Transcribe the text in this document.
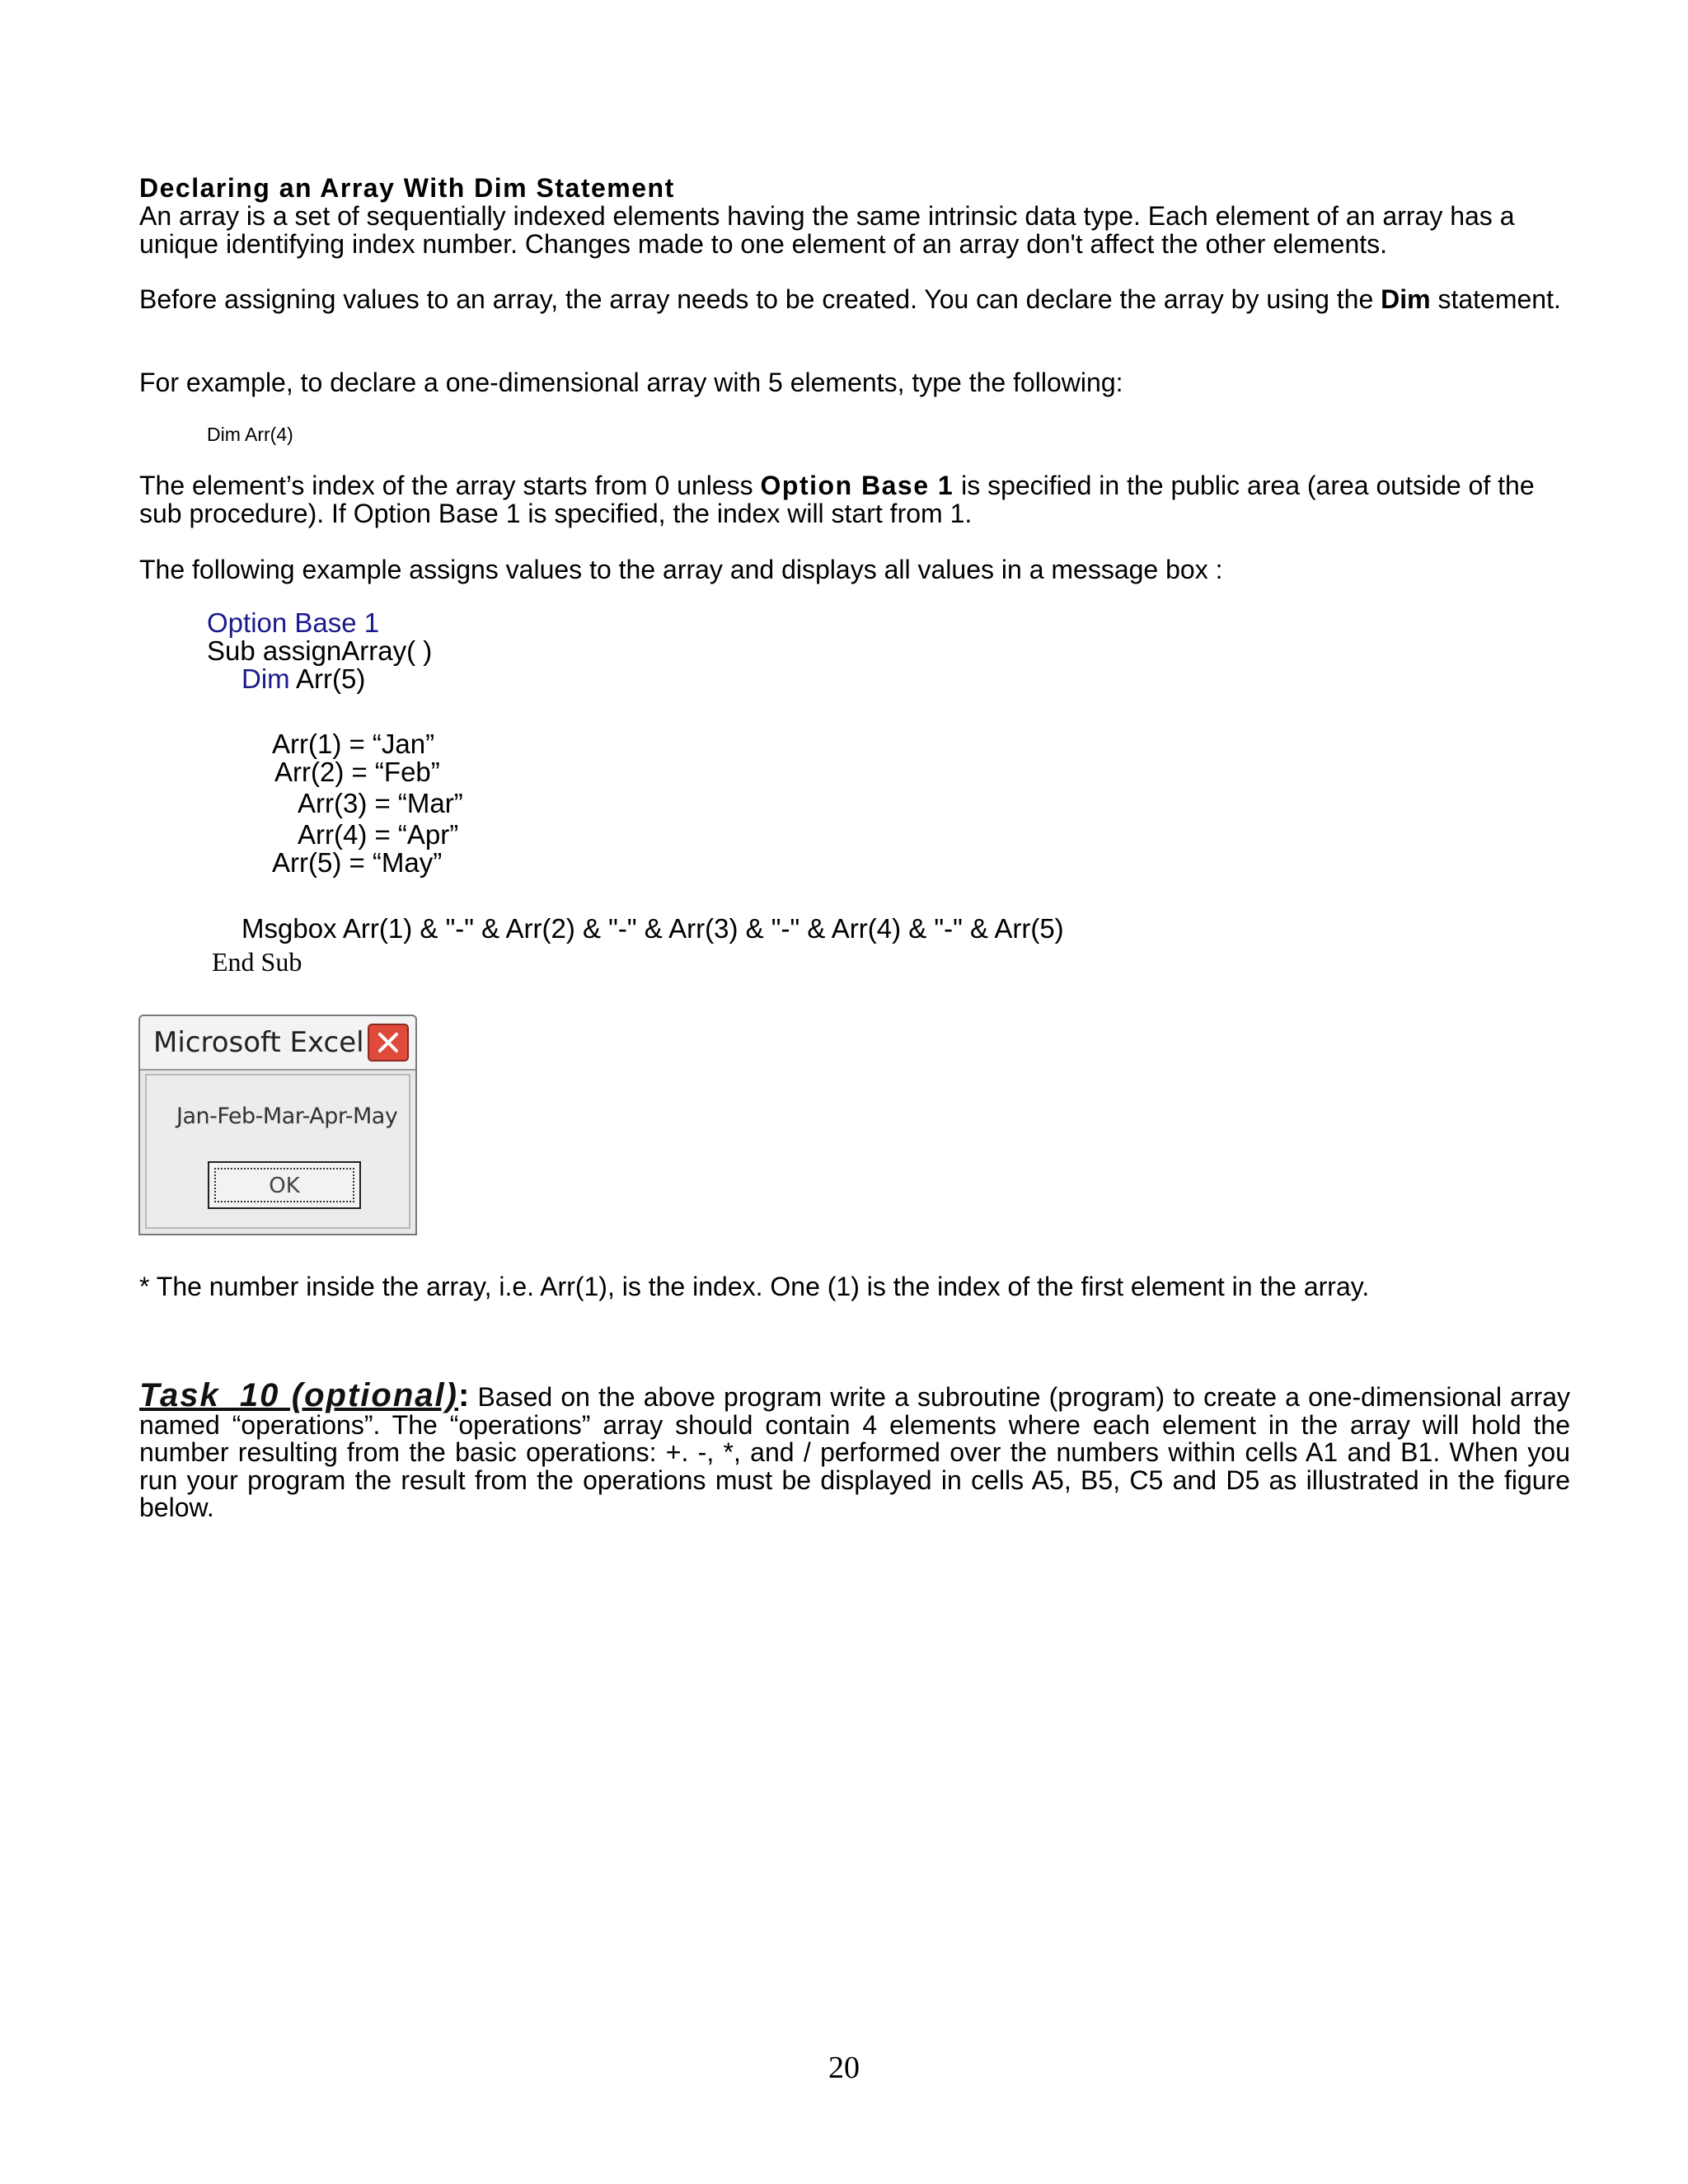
Declaring an Array With Dim Statement
An array is a set of sequentially indexed elements having the same intrinsic data type. Each element of an array has a unique identifying index number. Changes made to one element of an array don't affect the other elements.
Before assigning values to an array, the array needs to be created. You can declare the array by using the Dim statement.
For example, to declare a one-dimensional array with 5 elements, type the following:
Dim Arr(4)
The element’s index of the array starts from 0 unless Option Base 1 is specified in the public area (area outside of the sub procedure). If Option Base 1 is specified, the index will start from 1.
The following example assigns values to the array and displays all values in a message box :
Option Base 1
Sub assignArray( )
Dim Arr(5)
Arr(1) = “Jan”
Arr(2) = “Feb”
Arr(3) = “Mar”
Arr(4) = “Apr”
Arr(5) = “May”
Msgbox Arr(1) & "-" & Arr(2) & "-" & Arr(3) & "-" & Arr(4) & "-" & Arr(5)
End Sub
Microsoft Excel
Jan-Feb-Mar-Apr-May
OK
* The number inside the array, i.e. Arr(1), is the index. One (1) is the index of the first element in the array.
Task_10 (optional): Based on the above program write a subroutine (program) to create a one-dimensional array named “operations”. The “operations” array should contain 4 elements where each element in the array will hold the number resulting from the basic operations: +. -, *, and / performed over the numbers within cells A1 and B1. When you run your program the result from the operations must be displayed in cells A5, B5, C5 and D5 as illustrated in the figure below.
20
